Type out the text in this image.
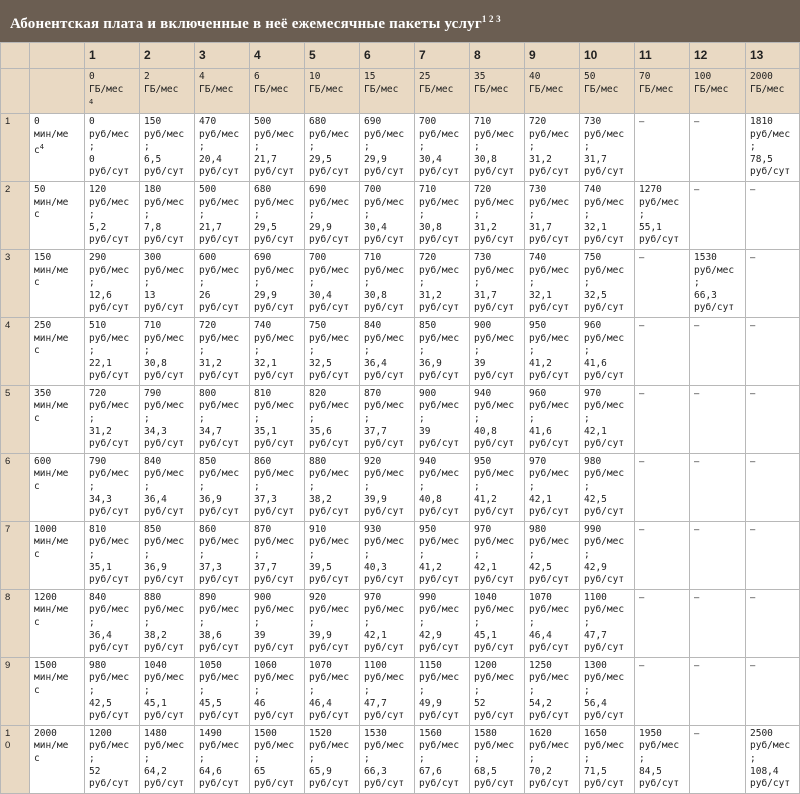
Абонентская плата и включенные в неё ежемесячные пакеты услуг$^{1 2 3}$
		1	2	3	4	5	6	7	8	9	10	11	12	13

		0
ГБ/мес
$^4$	2
ГБ/мес	4
ГБ/мес	6
ГБ/мес	10
ГБ/мес	15
ГБ/мес	25
ГБ/мес	35
ГБ/мес	40
ГБ/мес	50
ГБ/мес	70
ГБ/мес	100
ГБ/мес	2000
ГБ/мес

1	0
мин/ме
$с^4$	0
руб/мес
;
0
руб/сут	150
руб/мес
;
6,5
руб/сут	470
руб/мес
;
20,4
руб/сут	500
руб/мес
;
21,7
руб/сут	680
руб/мес
;
29,5
руб/сут	690
руб/мес
;
29,9
руб/сут	700
руб/мес
;
30,4
руб/сут	710
руб/мес
;
30,8
руб/сут	720
руб/мес
;
31,2
руб/сут	730
руб/мес
;
31,7
руб/сут	–	–	1810
руб/мес
;
78,5
руб/сут

2	50
мин/ме
с	120
руб/мес
;
5,2
руб/сут	180
руб/мес
;
7,8
руб/сут	500
руб/мес
;
21,7
руб/сут	680
руб/мес
;
29,5
руб/сут	690
руб/мес
;
29,9
руб/сут	700
руб/мес
;
30,4
руб/сут	710
руб/мес
;
30,8
руб/сут	720
руб/мес
;
31,2
руб/сут	730
руб/мес
;
31,7
руб/сут	740
руб/мес
;
32,1
руб/сут	1270
руб/мес
;
55,1
руб/сут	–	–
3	150
мин/ме
с	290
руб/мес
;
12,6
руб/сут	300
руб/мес
;
13
руб/сут	600
руб/мес
;
26
руб/сут	690
руб/мес
;
29,9
руб/сут	700
руб/мес
;
30,4
руб/сут	710
руб/мес
;
30,8
руб/сут	720
руб/мес
;
31,2
руб/сут	730
руб/мес
;
31,7
руб/сут	740
руб/мес
;
32,1
руб/сут	750
руб/мес
;
32,5
руб/сут	–	1530
руб/мес
;
66,3
руб/сут	–
4	250
мин/ме
с	510
руб/мес
;
22,1
руб/сут	710
руб/мес
;
30,8
руб/сут	720
руб/мес
;
31,2
руб/сут	740
руб/мес
;
32,1
руб/сут	750
руб/мес
;
32,5
руб/сут	840
руб/мес
;
36,4
руб/сут	850
руб/мес
;
36,9
руб/сут	900
руб/мес
;
39
руб/сут	950
руб/мес
;
41,2
руб/сут	960
руб/мес
;
41,6
руб/сут	–	–	–
5	350
мин/ме
с	720
руб/мес
;
31,2
руб/сут	790
руб/мес
;
34,3
руб/сут	800
руб/мес
;
34,7
руб/сут	810
руб/мес
;
35,1
руб/сут	820
руб/мес
;
35,6
руб/сут	870
руб/мес
;
37,7
руб/сут	900
руб/мес
;
39
руб/сут	940
руб/мес
;
40,8
руб/сут	960
руб/мес
;
41,6
руб/сут	970
руб/мес
;
42,1
руб/сут	–	–	–
6	600
мин/ме
с	790
руб/мес
;
34,3
руб/сут	840
руб/мес
;
36,4
руб/сут	850
руб/мес
;
36,9
руб/сут	860
руб/мес
;
37,3
руб/сут	880
руб/мес
;
38,2
руб/сут	920
руб/мес
;
39,9
руб/сут	940
руб/мес
;
40,8
руб/сут	950
руб/мес
;
41,2
руб/сут	970
руб/мес
;
42,1
руб/сут	980
руб/мес
;
42,5
руб/сут	–	–	–
7	1000
мин/ме
с	810
руб/мес
;
35,1
руб/сут	850
руб/мес
;
36,9
руб/сут	860
руб/мес
;
37,3
руб/сут	870
руб/мес
;
37,7
руб/сут	910
руб/мес
;
39,5
руб/сут	930
руб/мес
;
40,3
руб/сут	950
руб/мес
;
41,2
руб/сут	970
руб/мес
;
42,1
руб/сут	980
руб/мес
;
42,5
руб/сут	990
руб/мес
;
42,9
руб/сут	–	–	–
8	1200
мин/ме
с	840
руб/мес
;
36,4
руб/сут	880
руб/мес
;
38,2
руб/сут	890
руб/мес
;
38,6
руб/сут	900
руб/мес
;
39
руб/сут	920
руб/мес
;
39,9
руб/сут	970
руб/мес
;
42,1
руб/сут	990
руб/мес
;
42,9
руб/сут	1040
руб/мес
;
45,1
руб/сут	1070
руб/мес
;
46,4
руб/сут	1100
руб/мес
;
47,7
руб/сут	–	–	–
9	1500
мин/ме
с	980
руб/мес
;
42,5
руб/сут	1040
руб/мес
;
45,1
руб/сут	1050
руб/мес
;
45,5
руб/сут	1060
руб/мес
;
46
руб/сут	1070
руб/мес
;
46,4
руб/сут	1100
руб/мес
;
47,7
руб/сут	1150
руб/мес
;
49,9
руб/сут	1200
руб/мес
;
52
руб/сут	1250
руб/мес
;
54,2
руб/сут	1300
руб/мес
;
56,4
руб/сут	–	–	–
1
0	2000
мин/ме
с	1200
руб/мес
;
52
руб/сут	1480
руб/мес
;
64,2
руб/сут	1490
руб/мес
;
64,6
руб/сут	1500
руб/мес
;
65
руб/сут	1520
руб/мес
;
65,9
руб/сут	1530
руб/мес
;
66,3
руб/сут	1560
руб/мес
;
67,6
руб/сут	1580
руб/мес
;
68,5
руб/сут	1620
руб/мес
;
70,2
руб/сут	1650
руб/мес
;
71,5
руб/сут	1950
руб/мес
;
84,5
руб/сут	–	2500
руб/мес
;
108,4
руб/сут
